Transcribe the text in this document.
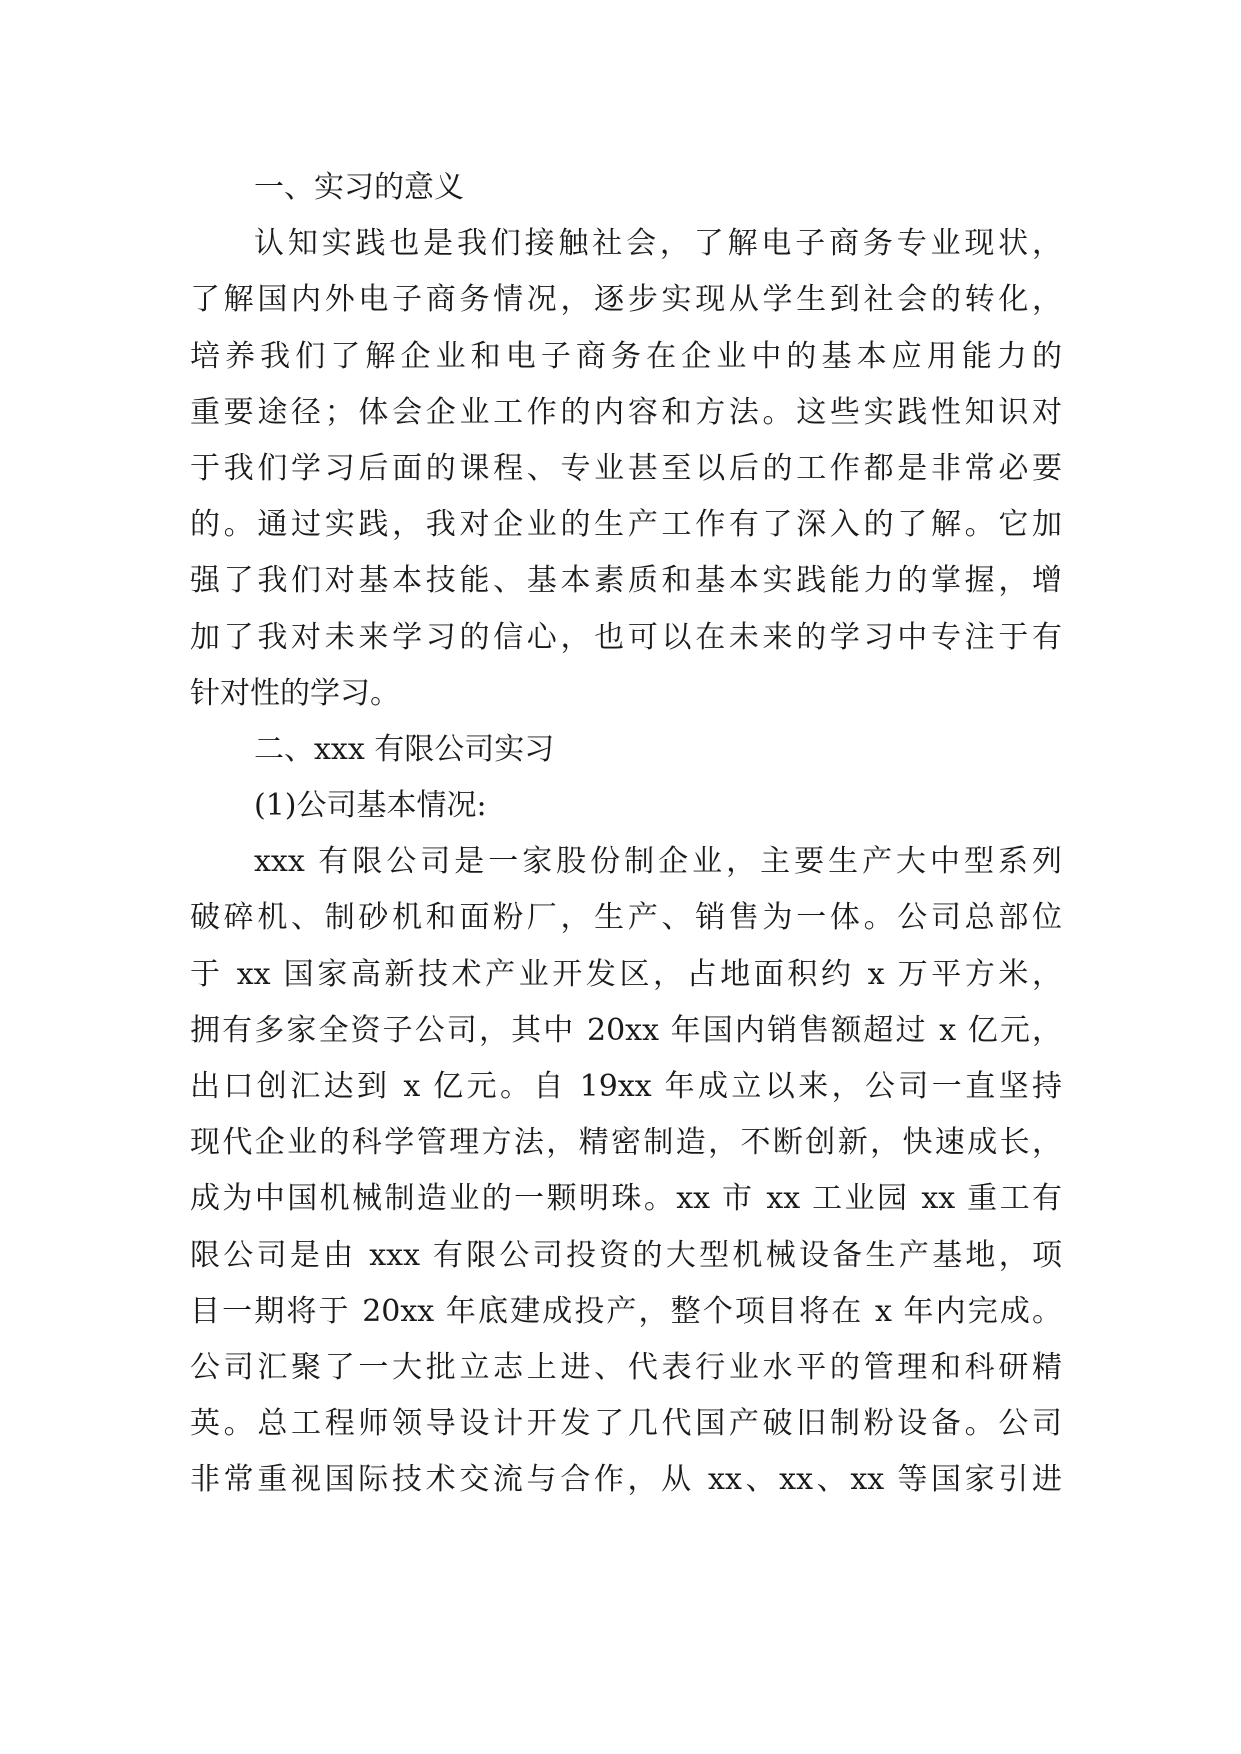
一、实习的意义
认知实践也是我们接触社会，了解电子商务专业现状，
了解国内外电子商务情况，逐步实现从学生到社会的转化，
培养我们了解企业和电子商务在企业中的基本应用能力的
重要途径；体会企业工作的内容和方法。这些实践性知识对
于我们学习后面的课程、专业甚至以后的工作都是非常必要
的。通过实践，我对企业的生产工作有了深入的了解。它加
强了我们对基本技能、基本素质和基本实践能力的掌握，增
加了我对未来学习的信心，也可以在未来的学习中专注于有
针对性的学习。
二、xxx 有限公司实习
(1)公司基本情况:
xxx 有限公司是一家股份制企业，主要生产大中型系列
破碎机、制砂机和面粉厂，生产、销售为一体。公司总部位
于 xx 国家高新技术产业开发区，占地面积约 x 万平方米，
拥有多家全资子公司，其中 20xx 年国内销售额超过 x 亿元，
出口创汇达到 x 亿元。自 19xx 年成立以来，公司一直坚持
现代企业的科学管理方法，精密制造，不断创新，快速成长，
成为中国机械制造业的一颗明珠。xx 市 xx 工业园 xx 重工有
限公司是由 xxx 有限公司投资的大型机械设备生产基地，项
目一期将于 20xx 年底建成投产，整个项目将在 x 年内完成。
公司汇聚了一大批立志上进、代表行业水平的管理和科研精
英。总工程师领导设计开发了几代国产破旧制粉设备。公司
非常重视国际技术交流与合作，从 xx、xx、xx 等国家引进
